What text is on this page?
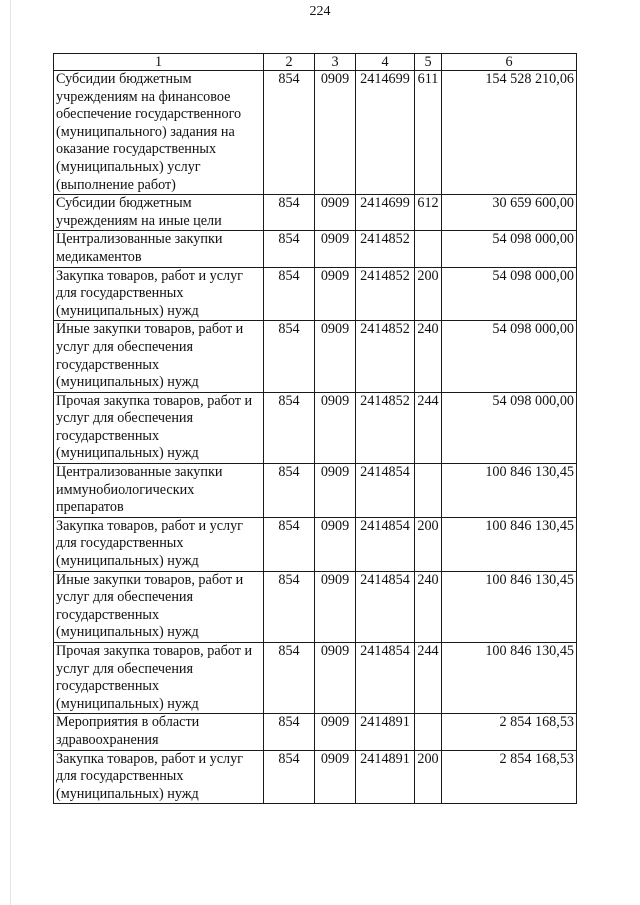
224
1	2	3	4	5	6
Субсидии бюджетным учреждениям на финансовое обеспечение государственного (муниципального) задания на оказание государственных (муниципальных) услуг (выполнение работ)	854	0909	2414699	611	154 528 210,06
Субсидии бюджетным учреждениям на иные цели	854	0909	2414699	612	30 659 600,00
Централизованные закупки медикаментов	854	0909	2414852		54 098 000,00
Закупка товаров, работ и услуг для государственных (муниципальных) нужд	854	0909	2414852	200	54 098 000,00
Иные закупки товаров, работ и услуг для обеспечения государственных (муниципальных) нужд	854	0909	2414852	240	54 098 000,00
Прочая закупка товаров, работ и услуг для обеспечения государственных (муниципальных) нужд	854	0909	2414852	244	54 098 000,00
Централизованные закупки иммунобиологических препаратов	854	0909	2414854		100 846 130,45
Закупка товаров, работ и услуг для государственных (муниципальных) нужд	854	0909	2414854	200	100 846 130,45
Иные закупки товаров, работ и услуг для обеспечения государственных (муниципальных) нужд	854	0909	2414854	240	100 846 130,45
Прочая закупка товаров, работ и услуг для обеспечения государственных (муниципальных) нужд	854	0909	2414854	244	100 846 130,45
Мероприятия в области здравоохранения	854	0909	2414891		2 854 168,53
Закупка товаров, работ и услуг для государственных (муниципальных) нужд	854	0909	2414891	200	2 854 168,53
